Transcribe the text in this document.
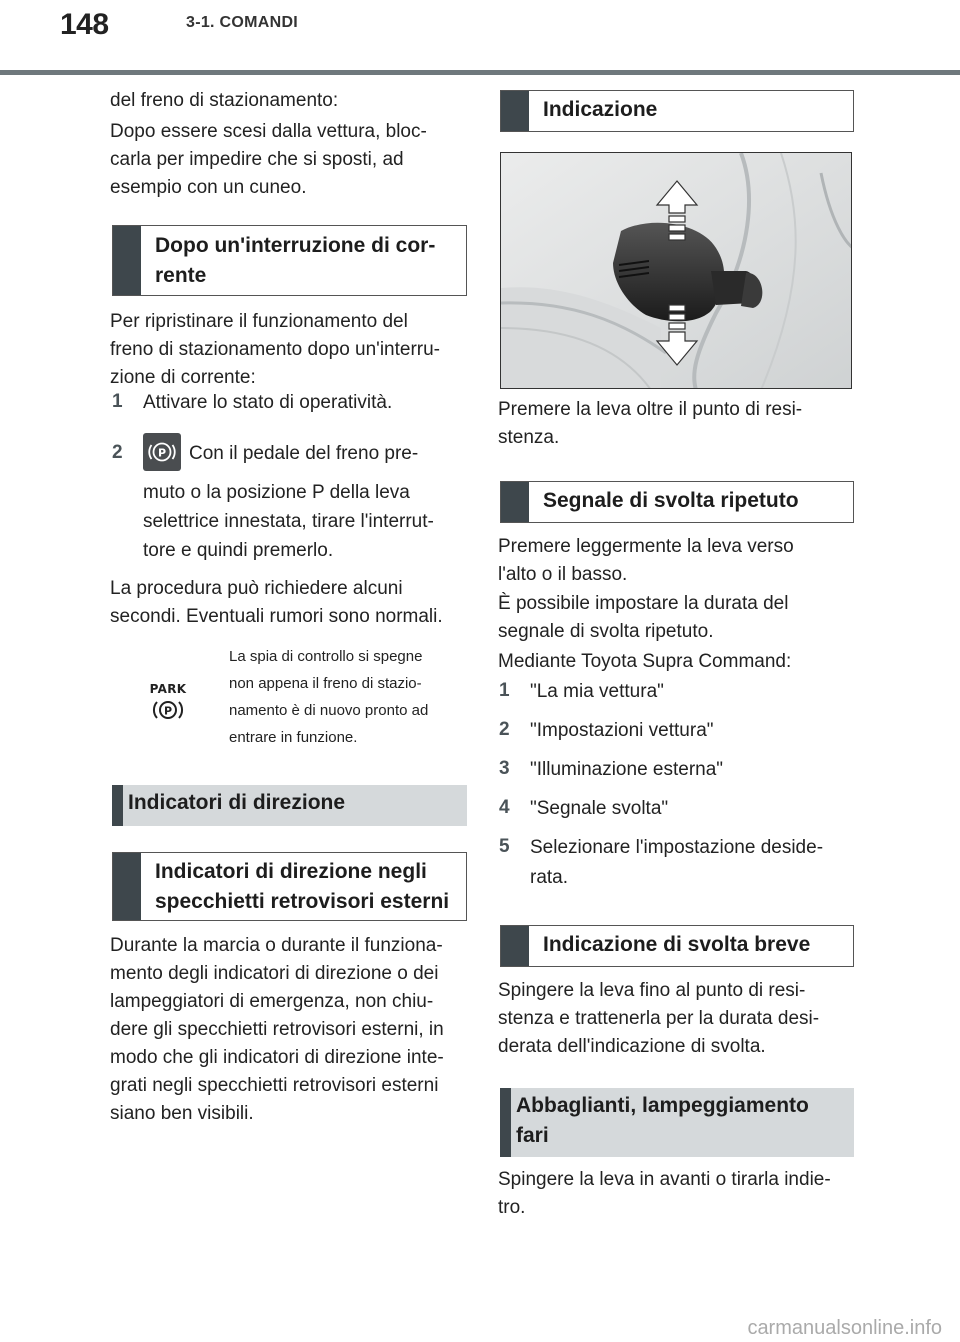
148	3-1. COMANDI

del freno di stazionamento:

Dopo essere scesi dalla vettura, bloc-

carla per impedire che si sposti, ad

esempio con un cuneo.

Dopo un'interruzione di cor-
rente

Per ripristinare il funzionamento del

freno di stazionamento dopo un'interru-

zione di corrente:

1 Attivare lo stato di operatività.
2	P Con il pedale del freno pre-

muto o la posizione P della leva

selettrice innestata, tirare l'interrut-

tore e quindi premerlo.

La procedura può richiedere alcuni

secondi. Eventuali rumori sono normali.

PARK
P
La spia di controllo si spegne
non appena il freno di stazio-
namento è di nuovo pronto ad
entrare in funzione.
Indicatori di direzione
Indicatori di direzione negli
specchietti retrovisori esterni

Durante la marcia o durante il funziona-

mento degli indicatori di direzione o dei

lampeggiatori di emergenza, non chiu-

dere gli specchietti retrovisori esterni, in

modo che gli indicatori di direzione inte-

grati negli specchietti retrovisori esterni

siano ben visibili.

Indicazione

Premere la leva oltre il punto di resi-

stenza.

Segnale di svolta ripetuto

Premere leggermente la leva verso

l'alto o il basso.

È possibile impostare la durata del

segnale di svolta ripetuto.

Mediante Toyota Supra Command:

1 "La mia vettura"
2 "Impostazioni vettura"
3 "Illuminazione esterna"
4 "Segnale svolta"
5 Selezionare l'impostazione deside-
rata.
Indicazione di svolta breve

Spingere la leva fino al punto di resi-

stenza e trattenerla per la durata desi-

derata dell'indicazione di svolta.

Abbaglianti, lampeggiamento
fari

Spingere la leva in avanti o tirarla indie-

tro.

carmanualsonline.info
